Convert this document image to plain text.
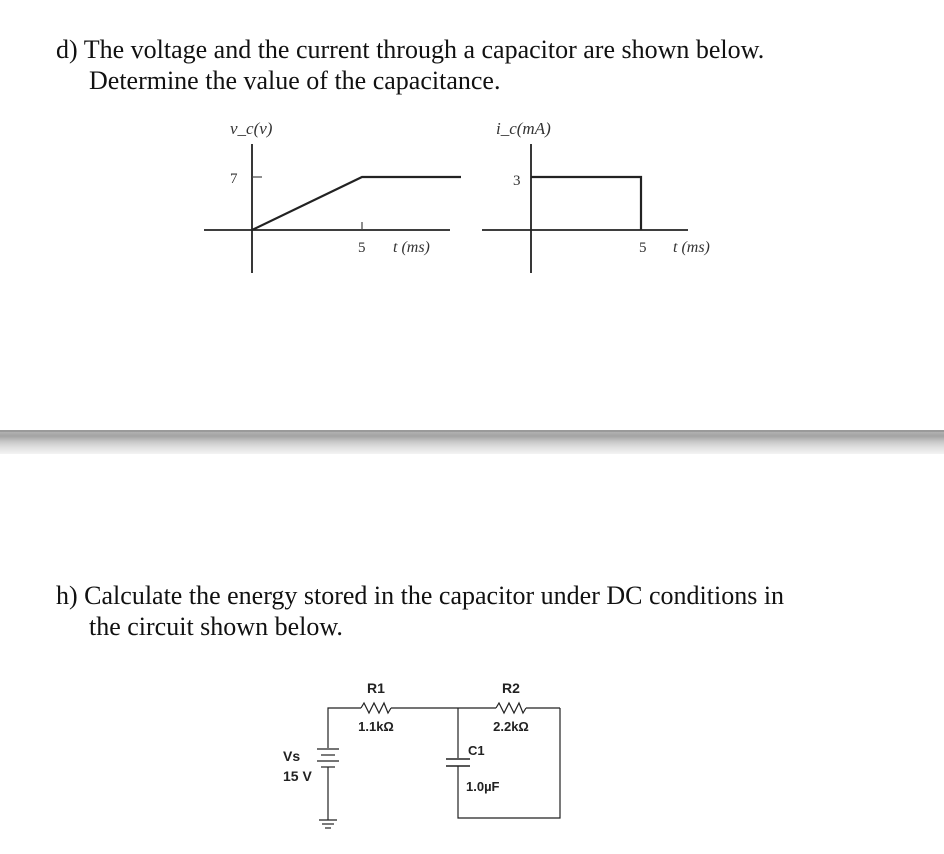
d) The voltage and the current through a capacitor are shown below.
Determine the value of the capacitance.
v_c(v)
7
5 t (ms)
i_c(mA)
3
5 t (ms)
h) Calculate the energy stored in the capacitor under DC conditions in
the circuit shown below.
R1
1.1kΩ
R2
2.2kΩ
C1
1.0µF
Vs
15 V
